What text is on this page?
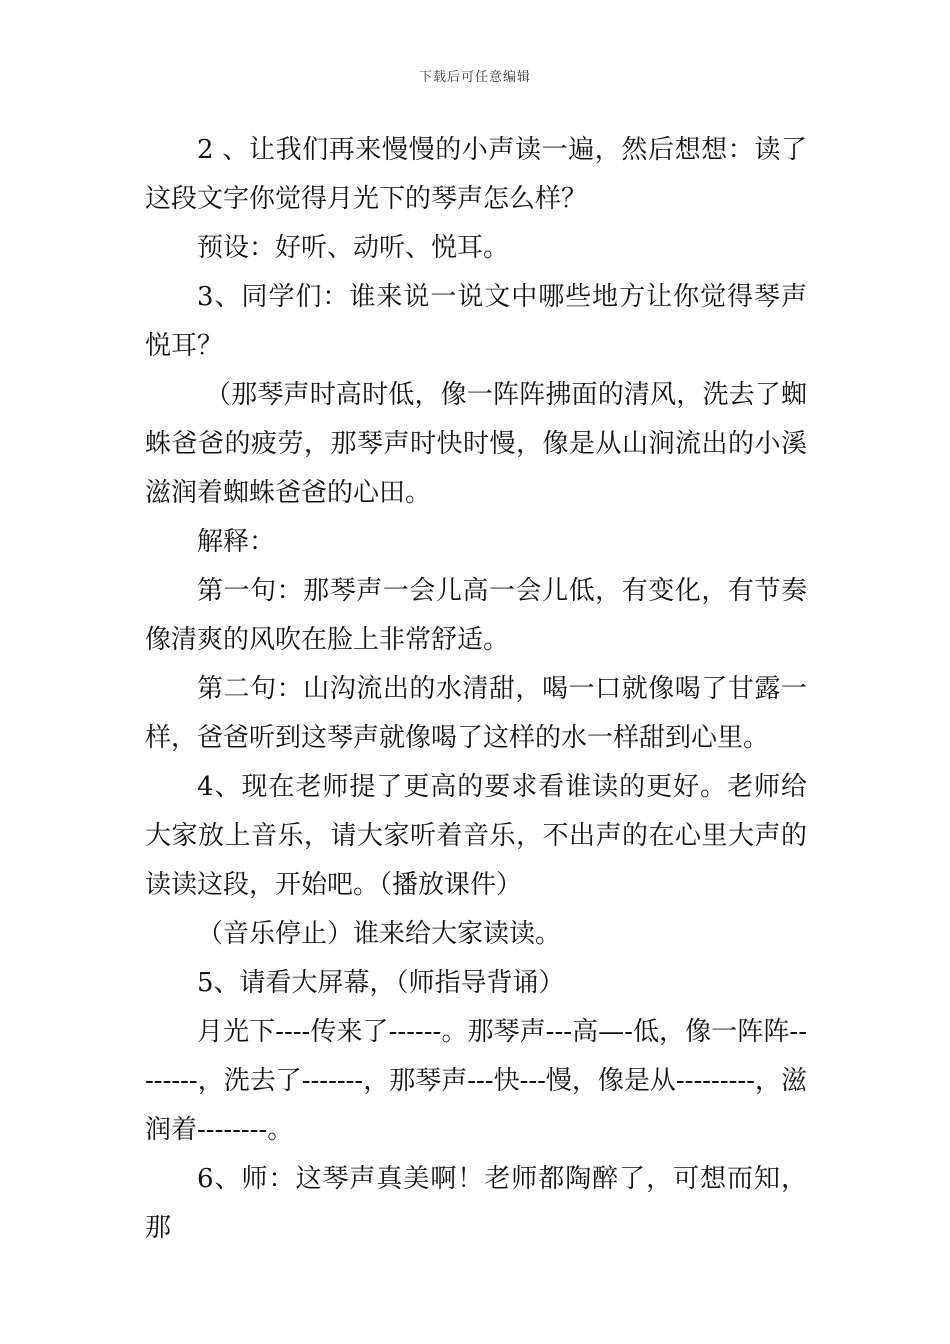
下载后可任意编辑

2 、让我们再来慢慢的小声读一遍，然后想想：读了这段文字你觉得月光下的琴声怎么样？

预设：好听、动听、悦耳。

3、同学们：谁来说一说文中哪些地方让你觉得琴声悦耳？

（那琴声时高时低，像一阵阵拂面的清风，洗去了蜘蛛爸爸的疲劳，那琴声时快时慢，像是从山涧流出的小溪滋润着蜘蛛爸爸的心田。

解释：

第一句：那琴声一会儿高一会儿低，有变化，有节奏像清爽的风吹在脸上非常舒适。

第二句：山沟流出的水清甜，喝一口就像喝了甘露一样，爸爸听到这琴声就像喝了这样的水一样甜到心里。

4、现在老师提了更高的要求看谁读的更好。老师给大家放上音乐，请大家听着音乐，不出声的在心里大声的读读这段，开始吧。（播放课件）

（音乐停止）谁来给大家读读。

5、请看大屏幕，（师指导背诵）

月光下----传来了------。那琴声---高—-低，像一阵阵--------，洗去了-------，那琴声---快---慢，像是从---------，滋润着--------。

6、师：这琴声真美啊！老师都陶醉了，可想而知，那
